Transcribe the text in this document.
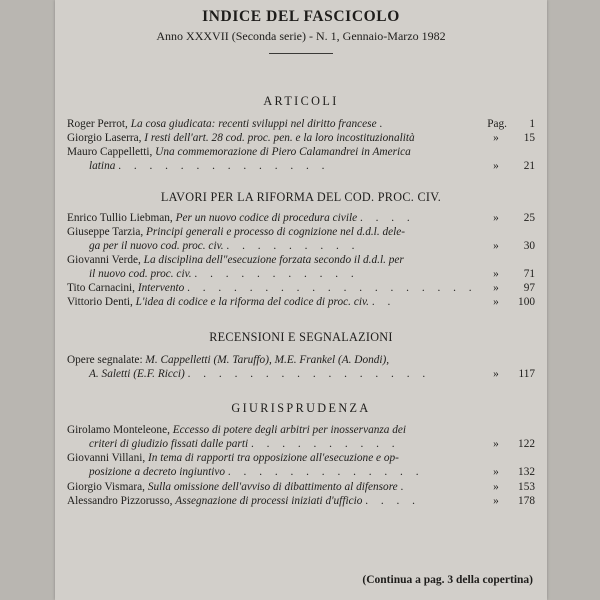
INDICE DEL FASCICOLO
Anno XXXVII (Seconda serie) - N. 1, Gennaio-Marzo 1982
ARTICOLI
Roger Perrot, La cosa giudicata: recenti sviluppi nel diritto francese .	Pag.	1
Giorgio Laserra, I resti dell'art. 28 cod. proc. pen. e la loro incostituzionalità	»	15
Mauro Cappelletti, Una commemorazione di Piero Calamandrei in America
latina . . . . . . . . . . . . . .	»	21
LAVORI PER LA RIFORMA DEL COD. PROC. CIV.
Enrico Tullio Liebman, Per un nuovo codice di procedura civile . . . .	»	25
Giuseppe Tarzia, Principi generali e processo di cognizione nel d.d.l. dele-
ga per il nuovo cod. proc. civ. . . . . . . . . .	»	30
Giovanni Verde, La disciplina dell"esecuzione forzata secondo il d.d.l. per
il nuovo cod. proc. civ. . . . . . . . . . . .	»	71
Tito Carnacini, Intervento . . . . . . . . . . . . . . . . . . .	»	97
Vittorio Denti, L'idea di codice e la riforma del codice di proc. civ. . .	»	100
RECENSIONI E SEGNALAZIONI
Opere segnalate: M. Cappelletti (M. Taruffo), M.E. Frankel (A. Dondi),
A. Saletti (E.F. Ricci) . . . . . . . . . . . . . . . .	»	117
GIURISPRUDENZA
Girolamo Monteleone, Eccesso di potere degli arbitri per inosservanza dei
criteri di giudizio fissati dalle parti . . . . . . . . . .	»	122
Giovanni Villani, In tema di rapporti tra opposizione all'esecuzione e op-
posizione a decreto ingiuntivo . . . . . . . . . . . . .	»	132
Giorgio Vismara, Sulla omissione dell'avviso di dibattimento al difensore .	»	153
Alessandro Pizzorusso, Assegnazione di processi iniziati d'ufficio . . . .	»	178
(Continua a pag. 3 della copertina)
